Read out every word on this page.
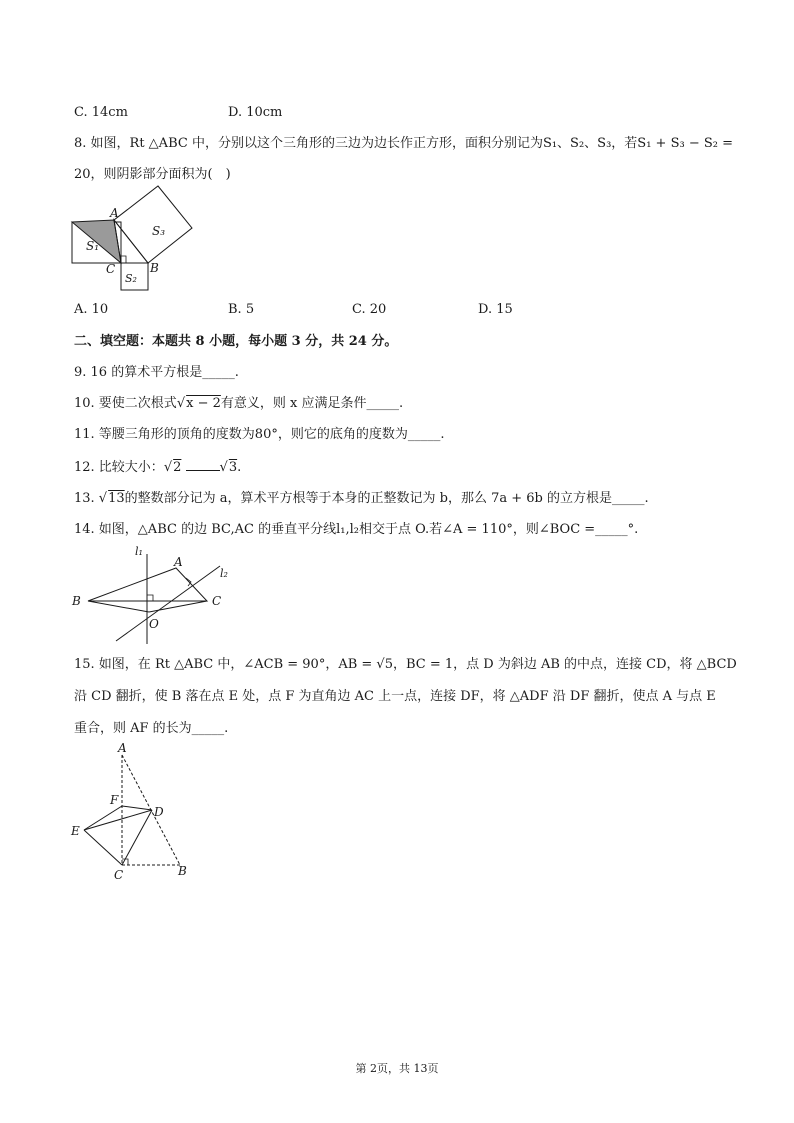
C. 14cm	D. 10cm
8. 如图，Rt △ABC 中，分别以这个三角形的三边为边长作正方形，面积分别记为S₁、S₂、S₃，若S₁ + S₃ − S₂ =
20，则阴影部分面积为(　)
A
B
C
S₁
S₂
S₃
A. 10	B. 5	C. 20	D. 15
二、填空题：本题共 8 小题，每小题 3 分，共 24 分。
9. 16 的算术平方根是_____.
10. 要使二次根式√x − 2有意义，则 x 应满足条件_____.
11. 等腰三角形的顶角的度数为80°，则它的底角的度数为_____.
12. 比较大小：√2	√3.
13. √13的整数部分记为 a，算术平方根等于本身的正整数记为 b，那么 7a + 6b 的立方根是_____.
14. 如图，△ABC 的边 BC,AC 的垂直平分线l₁,l₂相交于点 O.若∠A = 110°，则∠BOC =_____°.
l₁
l₂
A
B	C
O
15. 如图，在 Rt △ABC 中，∠ACB = 90°，AB = √5，BC = 1，点 D 为斜边 AB 的中点，连接 CD，将 △BCD
沿 CD 翻折，使 B 落在点 E 处，点 F 为直角边 AC 上一点，连接 DF，将 △ADF 沿 DF 翻折，使点 A 与点 E
重合，则 AF 的长为_____.
A
B
C
D
E
F
第 2页，共 13页
